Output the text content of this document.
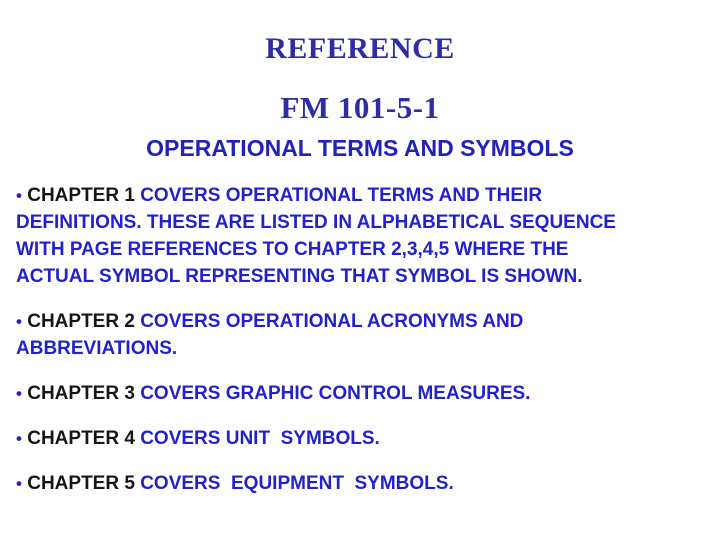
REFERENCE
FM 101-5-1
OPERATIONAL TERMS AND SYMBOLS

• CHAPTER 1 COVERS OPERATIONAL TERMS AND THEIR DEFINITIONS. THESE ARE LISTED IN ALPHABETICAL SEQUENCE WITH PAGE REFERENCES TO CHAPTER 2,3,4,5 WHERE THE ACTUAL SYMBOL REPRESENTING THAT SYMBOL IS SHOWN.

• CHAPTER 2 COVERS OPERATIONAL ACRONYMS AND ABBREVIATIONS.

• CHAPTER 3 COVERS GRAPHIC CONTROL MEASURES.

• CHAPTER 4 COVERS UNIT  SYMBOLS.

• CHAPTER 5 COVERS  EQUIPMENT  SYMBOLS.
